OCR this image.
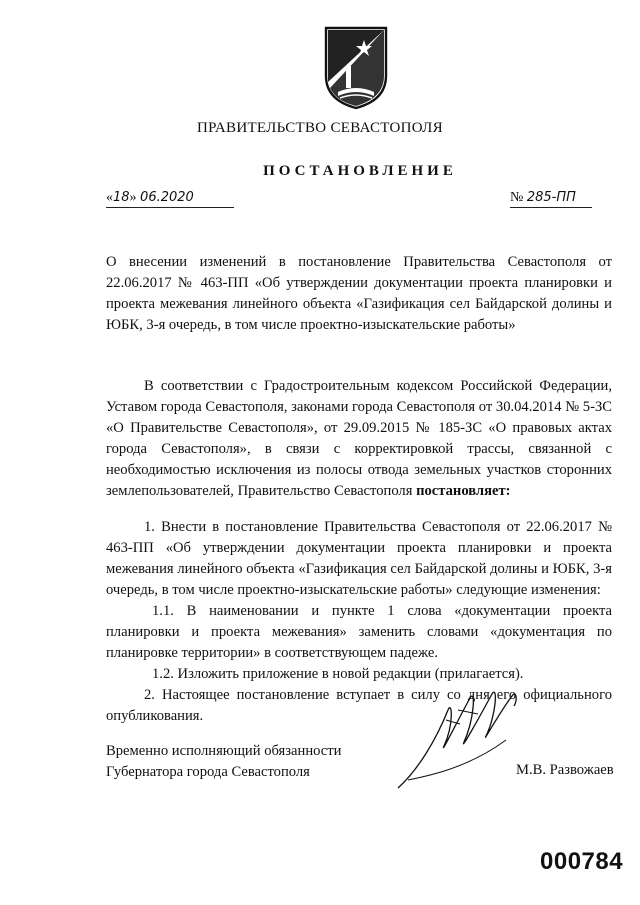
ПРАВИТЕЛЬСТВО СЕВАСТОПОЛЯ
ПОСТАНОВЛЕНИЕ
«18» 06.2020	№ 285-ПП

О внесении изменений в постановление Правительства Севастополя от 22.06.2017 № 463-ПП «Об утверждении документации проекта планировки и проекта межевания линейного объекта «Газификация сел Байдарской долины и ЮБК, 3-я очередь, в том числе проектно-изыскательские работы»

В соответствии с Градостроительным кодексом Российской Федерации, Уставом города Севастополя, законами города Севастополя от 30.04.2014 № 5-ЗС «О Правительстве Севастополя», от 29.09.2015 № 185-ЗС «О правовых актах города Севастополя», в связи с корректировкой трассы, связанной с необходимостью исключения из полосы отвода земельных участков сторонних землепользователей, Правительство Севастополя постановляет:

1. Внести в постановление Правительства Севастополя от 22.06.2017 № 463-ПП «Об утверждении документации проекта планировки и проекта межевания линейного объекта «Газификация сел Байдарской долины и ЮБК, 3-я очередь, в том числе проектно-изыскательские работы» следующие изменения:

1.1. В наименовании и пункте 1 слова «документации проекта планировки и проекта межевания» заменить словами «документация по планировке территории» в соответствующем падеже.

1.2. Изложить приложение в новой редакции (прилагается).

2. Настоящее постановление вступает в силу со дня его официального опубликования.

Временно исполняющий обязанности
Губернатора города Севастополя	М.В. Развожаев
000784
